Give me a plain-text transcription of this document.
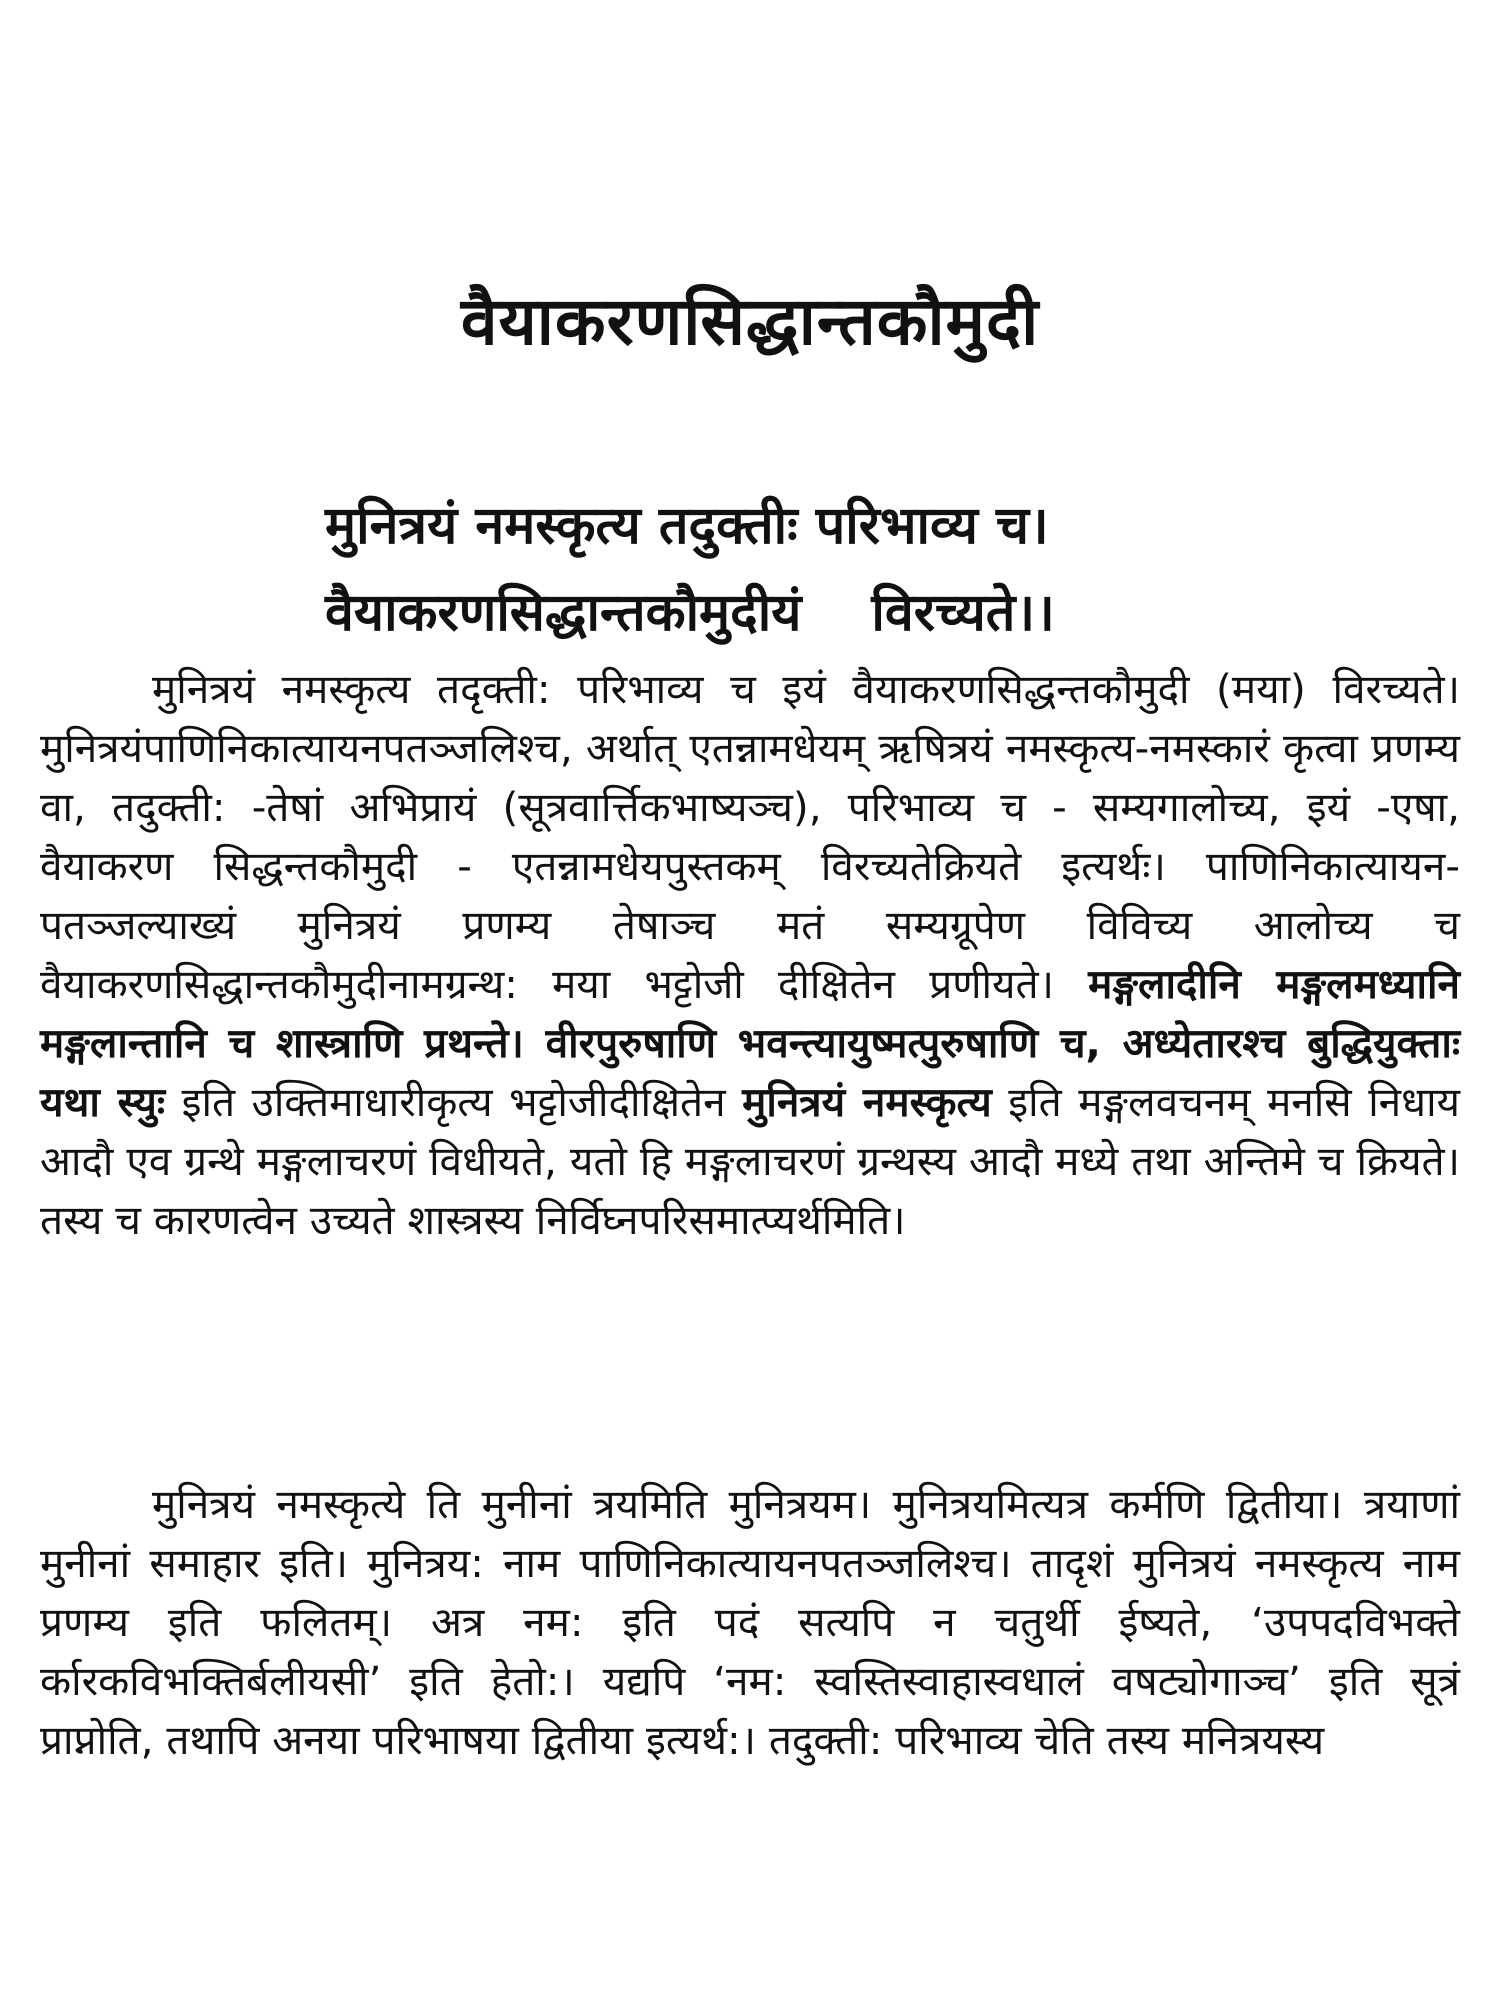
वैयाकरणसिद्धान्तकौमुदी
मुनित्रयं नमस्कृत्य तदुक्तीः परिभाव्य च।
वैयाकरणसिद्धान्तकौमुदीयं विरच्यते।।

मुनित्रयं नमस्कृत्य तदृक्ती: परिभाव्य च इयं वैयाकरणसिद्धन्तकौमुदी (मया) विरच्यते। मुनित्रयंपाणिनिकात्यायनपतञ्जलिश्च, अर्थात् एतन्नामधेयम् ऋषित्रयं नमस्कृत्य-नमस्कारं कृत्वा प्रणम्य वा, तदुक्ती: -तेषां अभिप्रायं (सूत्रवार्त्तिकभाष्यञ्च), परिभाव्य च - सम्यगालोच्य, इयं -एषा, वैयाकरण सिद्धन्तकौमुदी - एतन्नामधेयपुस्तकम् विरच्यतेक्रियते इत्यर्थः। पाणिनिकात्यायन-पतञ्जल्याख्यं मुनित्रयं प्रणम्य तेषाञ्च मतं सम्यग्रूपेण विविच्य आलोच्य च वैयाकरणसिद्धान्तकौमुदीनामग्रन्थ: मया भट्टोजी दीक्षितेन प्रणीयते। मङ्गलादीनि मङ्गलमध्यानि मङ्गलान्तानि च शास्त्राणि प्रथन्ते। वीरपुरुषाणि भवन्त्यायुष्मत्पुरुषाणि च, अध्येतारश्च बुद्धियुक्ताः यथा स्युः इति उक्तिमाधारीकृत्य भट्टोजीदीक्षितेन मुनित्रयं नमस्कृत्य इति मङ्गलवचनम् मनसि निधाय आदौ एव ग्रन्थे मङ्गलाचरणं विधीयते, यतो हि मङ्गलाचरणं ग्रन्थस्य आदौ मध्ये तथा अन्तिमे च क्रियते। तस्य च कारणत्वेन उच्यते शास्त्रस्य निर्विघ्नपरिसमात्प्यर्थमिति।

मुनित्रयं नमस्कृत्ये ति मुनीनां त्रयमिति मुनित्रयम। मुनित्रयमित्यत्र कर्मणि द्वितीया। त्रयाणां मुनीनां समाहार इति। मुनित्रय: नाम पाणिनिकात्यायनपतञ्जलिश्च। तादृशं मुनित्रयं नमस्कृत्य नाम प्रणम्य इति फलितम्। अत्र नम: इति पदं सत्यपि न चतुर्थी ईष्यते, ‘उपपदविभक्ते र्कारकविभक्तिर्बलीयसी’ इति हेतो:। यद्यपि ‘नम: स्वस्तिस्वाहास्वधालं वषट्योगाञ्च’ इति सूत्रं प्राप्नोति, तथापि अनया परिभाषया द्वितीया इत्यर्थ:। तदुक्ती: परिभाव्य चेति तस्य मनित्रयस्य
